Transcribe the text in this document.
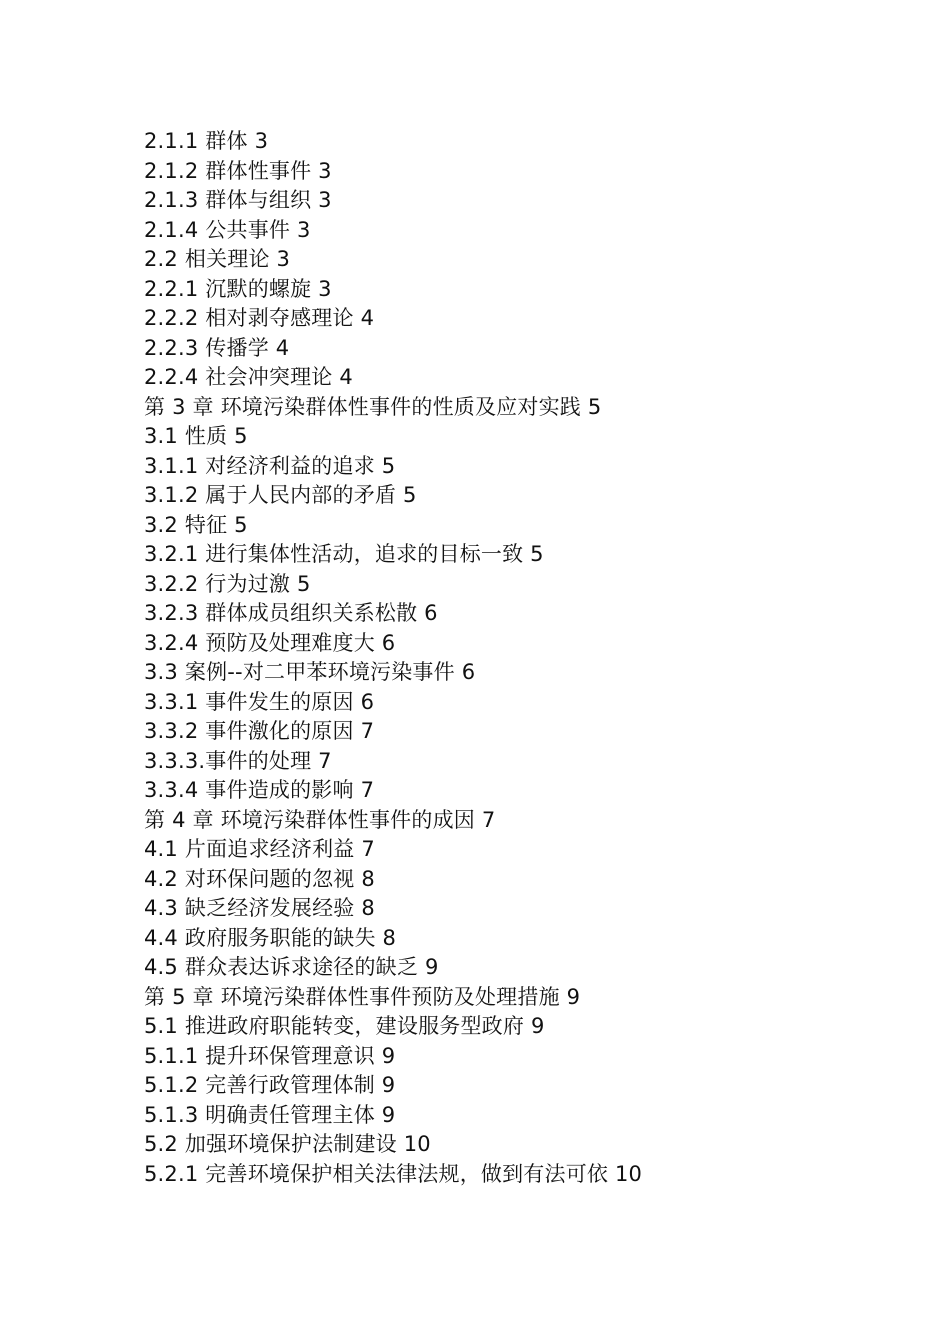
2.1.1 群体 3
2.1.2 群体性事件 3
2.1.3 群体与组织 3
2.1.4 公共事件 3
2.2 相关理论 3
2.2.1 沉默的螺旋 3
2.2.2 相对剥夺感理论 4
2.2.3 传播学 4
2.2.4 社会冲突理论 4
第 3 章 环境污染群体性事件的性质及应对实践 5
3.1 性质 5
3.1.1 对经济利益的追求 5
3.1.2 属于人民内部的矛盾 5
3.2 特征 5
3.2.1 进行集体性活动，追求的目标一致 5
3.2.2 行为过激 5
3.2.3 群体成员组织关系松散 6
3.2.4 预防及处理难度大 6
3.3 案例--对二甲苯环境污染事件 6
3.3.1 事件发生的原因 6
3.3.2 事件激化的原因 7
3.3.3.事件的处理 7
3.3.4 事件造成的影响 7
第 4 章 环境污染群体性事件的成因 7
4.1 片面追求经济利益 7
4.2 对环保问题的忽视 8
4.3 缺乏经济发展经验 8
4.4 政府服务职能的缺失 8
4.5 群众表达诉求途径的缺乏 9
第 5 章 环境污染群体性事件预防及处理措施 9
5.1 推进政府职能转变，建设服务型政府 9
5.1.1 提升环保管理意识 9
5.1.2 完善行政管理体制 9
5.1.3 明确责任管理主体 9
5.2 加强环境保护法制建设 10
5.2.1 完善环境保护相关法律法规，做到有法可依 10
